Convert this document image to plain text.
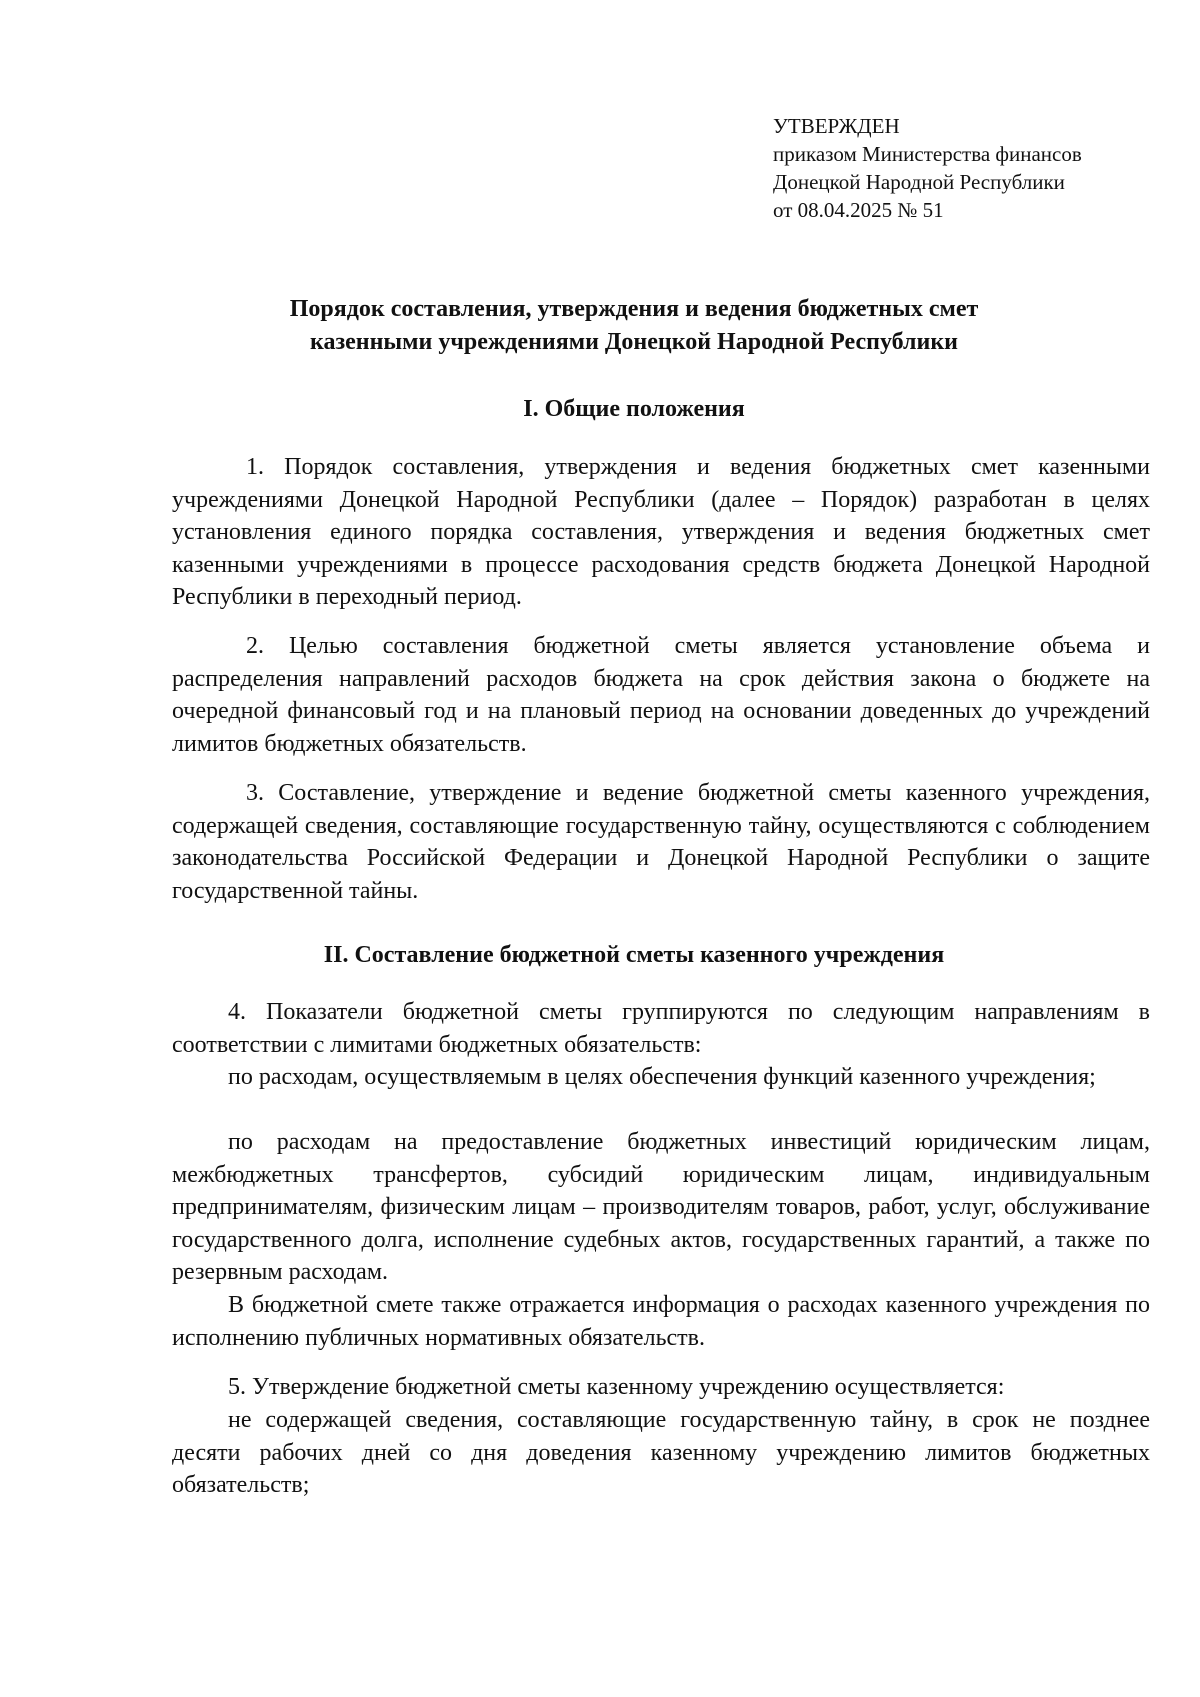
УТВЕРЖДЕН
приказом Министерства финансов
Донецкой Народной Республики
от 08.04.2025 № 51
Порядок составления, утверждения и ведения бюджетных смет
казенными учреждениями Донецкой Народной Республики
I. Общие положения

1. Порядок составления, утверждения и ведения бюджетных смет казенными учреждениями Донецкой Народной Республики (далее – Порядок) разработан в целях установления единого порядка составления, утверждения и ведения бюджетных смет казенными учреждениями в процессе расходования средств бюджета Донецкой Народной Республики в переходный период.

2. Целью составления бюджетной сметы является установление объема и распределения направлений расходов бюджета на срок действия закона о бюджете на очередной финансовый год и на плановый период на основании доведенных до учреждений лимитов бюджетных обязательств.

3. Составление, утверждение и ведение бюджетной сметы казенного учреждения, содержащей сведения, составляющие государственную тайну, осуществляются с соблюдением законодательства Российской Федерации и Донецкой Народной Республики о защите государственной тайны.

II. Составление бюджетной сметы казенного учреждения

4. Показатели бюджетной сметы группируются по следующим направлениям в соответствии с лимитами бюджетных обязательств:

по расходам, осуществляемым в целях обеспечения функций казенного учреждения;

по расходам на предоставление бюджетных инвестиций юридическим лицам, межбюджетных трансфертов, субсидий юридическим лицам, индивидуальным предпринимателям, физическим лицам – производителям товаров, работ, услуг, обслуживание государственного долга, исполнение судебных актов, государственных гарантий, а также по резервным расходам.

В бюджетной смете также отражается информация о расходах казенного учреждения по исполнению публичных нормативных обязательств.

5. Утверждение бюджетной сметы казенному учреждению осуществляется:

не содержащей сведения, составляющие государственную тайну, в срок не позднее десяти рабочих дней со дня доведения казенному учреждению лимитов бюджетных обязательств;
